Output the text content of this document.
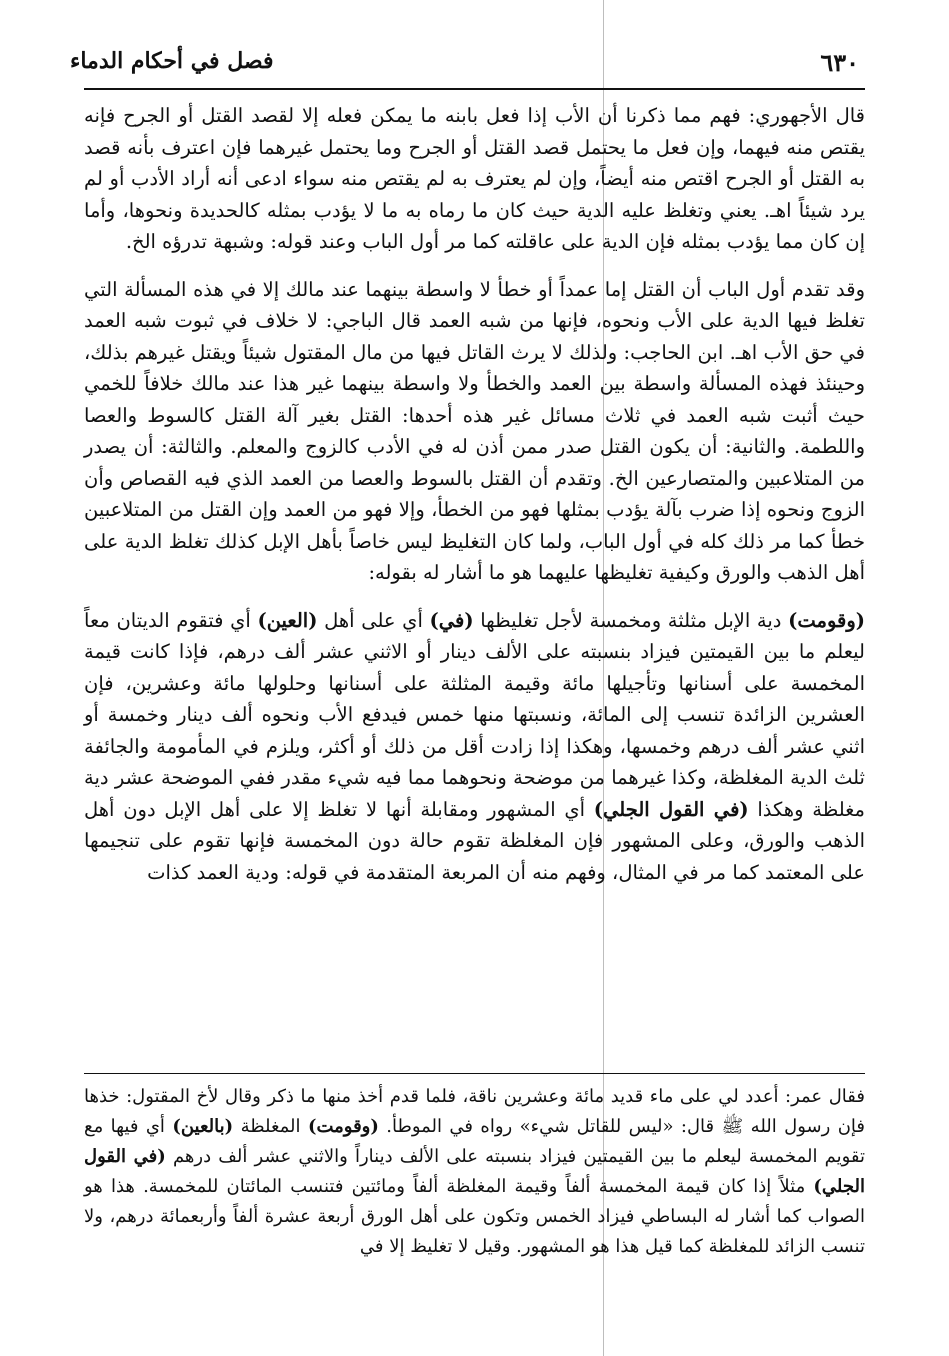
٦٣٠
فصل في أحكام الدماء

قال الأجهوري: فهم مما ذكرنا أن الأب إذا فعل بابنه ما يمكن فعله إلا لقصد القتل أو الجرح فإنه يقتص منه فيهما، وإن فعل ما يحتمل قصد القتل أو الجرح وما يحتمل غيرهما فإن اعترف بأنه قصد به القتل أو الجرح اقتص منه أيضاً، وإن لم يعترف به لم يقتص منه سواء ادعى أنه أراد الأدب أو لم يرد شيئاً اهـ. يعني وتغلظ عليه الدية حيث كان ما رماه به ما لا يؤدب بمثله كالحديدة ونحوها، وأما إن كان مما يؤدب بمثله فإن الدية على عاقلته كما مر أول الباب وعند قوله: وشبهة تدرؤه الخ.

وقد تقدم أول الباب أن القتل إما عمداً أو خطأ لا واسطة بينهما عند مالك إلا في هذه المسألة التي تغلظ فيها الدية على الأب ونحوه، فإنها من شبه العمد قال الباجي: لا خلاف في ثبوت شبه العمد في حق الأب اهـ. ابن الحاجب: ولذلك لا يرث القاتل فيها من مال المقتول شيئاً ويقتل غيرهم بذلك، وحينئذ فهذه المسألة واسطة بين العمد والخطأ ولا واسطة بينهما غير هذا عند مالك خلافاً للخمي حيث أثبت شبه العمد في ثلاث مسائل غير هذه أحدها: القتل بغير آلة القتل كالسوط والعصا واللطمة. والثانية: أن يكون القتل صدر ممن أذن له في الأدب كالزوج والمعلم. والثالثة: أن يصدر من المتلاعبين والمتصارعين الخ. وتقدم أن القتل بالسوط والعصا من العمد الذي فيه القصاص وأن الزوج ونحوه إذا ضرب بآلة يؤدب بمثلها فهو من الخطأ، وإلا فهو من العمد وإن القتل من المتلاعبين خطأ كما مر ذلك كله في أول الباب، ولما كان التغليظ ليس خاصاً بأهل الإبل كذلك تغلظ الدية على أهل الذهب والورق وكيفية تغليظها عليهما هو ما أشار له بقوله:

(وقومت) دية الإبل مثلثة ومخمسة لأجل تغليظها (في) أي على أهل (العين) أي فتقوم الديتان معاً ليعلم ما بين القيمتين فيزاد بنسبته على الألف دينار أو الاثني عشر ألف درهم، فإذا كانت قيمة المخمسة على أسنانها وتأجيلها مائة وقيمة المثلثة على أسنانها وحلولها مائة وعشرين، فإن العشرين الزائدة تنسب إلى المائة، ونسبتها منها خمس فيدفع الأب ونحوه ألف دينار وخمسة أو اثني عشر ألف درهم وخمسها، وهكذا إذا زادت أقل من ذلك أو أكثر، ويلزم في المأمومة والجائفة ثلث الدية المغلظة، وكذا غيرهما من موضحة ونحوهما مما فيه شيء مقدر ففي الموضحة عشر دية مغلظة وهكذا (في القول الجلي) أي المشهور ومقابلة أنها لا تغلظ إلا على أهل الإبل دون أهل الذهب والورق، وعلى المشهور فإن المغلظة تقوم حالة دون المخمسة فإنها تقوم على تنجيمها على المعتمد كما مر في المثال، وفهم منه أن المربعة المتقدمة في قوله: ودية العمد كذات

فقال عمر: أعدد لي على ماء قديد مائة وعشرين ناقة، فلما قدم أخذ منها ما ذكر وقال لأخ المقتول: خذها فإن رسول الله ﷺ قال: «ليس للقاتل شيء» رواه في الموطأ. (وقومت) المغلظة (بالعين) أي فيها مع تقويم المخمسة ليعلم ما بين القيمتين فيزاد بنسبته على الألف ديناراً والاثني عشر ألف درهم (في القول الجلي) مثلاً إذا كان قيمة المخمسة ألفاً وقيمة المغلظة ألفاً ومائتين فتنسب المائتان للمخمسة. هذا هو الصواب كما أشار له البساطي فيزاد الخمس وتكون على أهل الورق أربعة عشرة ألفاً وأربعمائة درهم، ولا تنسب الزائد للمغلظة كما قيل هذا هو المشهور. وقيل لا تغليظ إلا في
